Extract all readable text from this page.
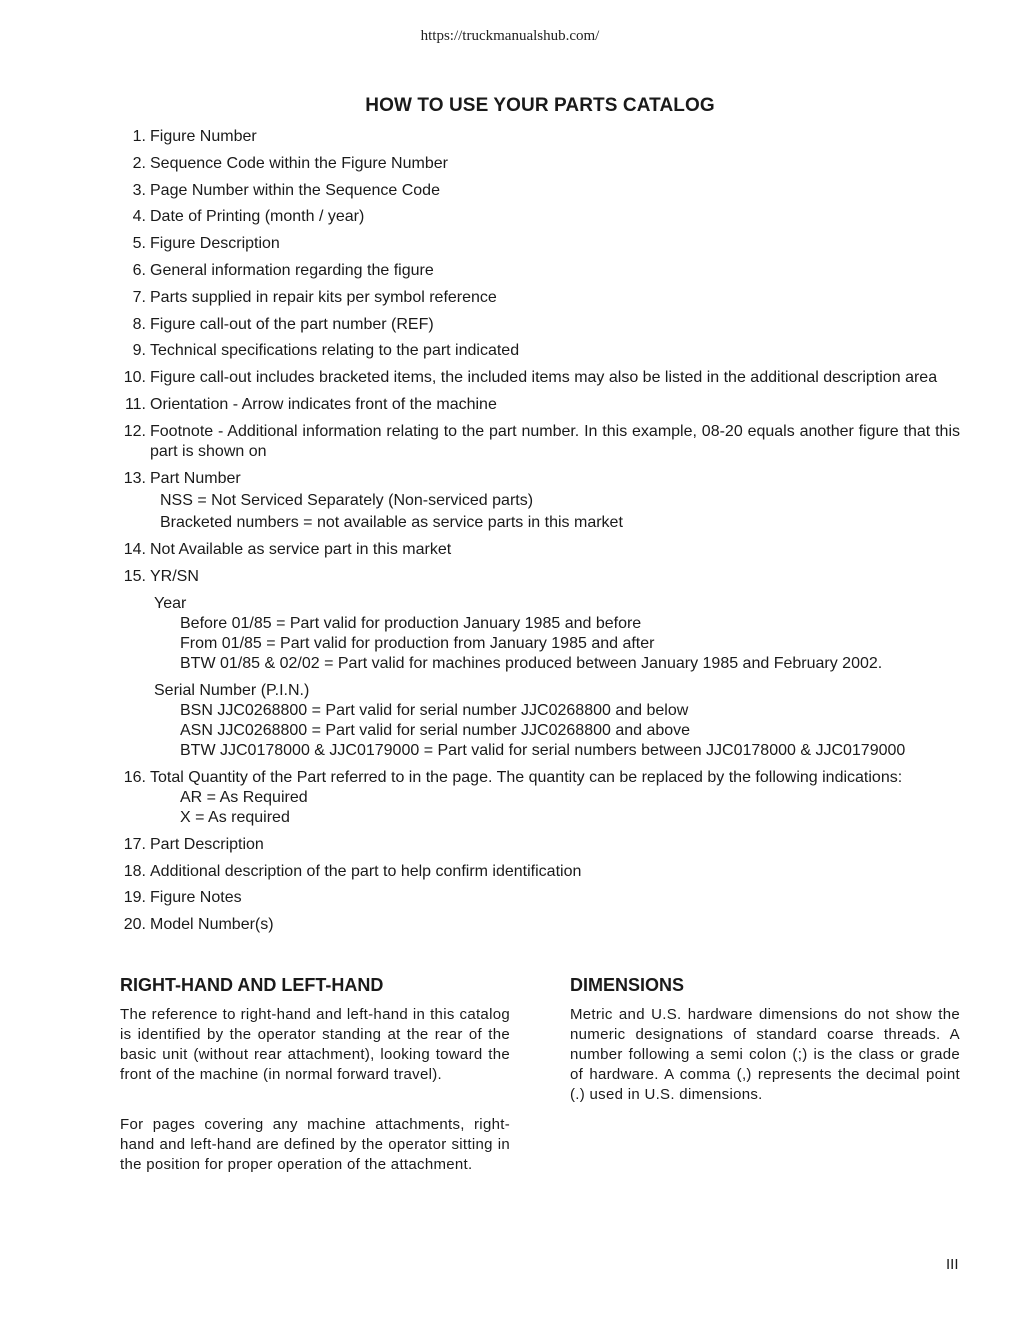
https://truckmanualshub.com/
HOW TO USE YOUR PARTS CATALOG
1. Figure Number
2. Sequence Code within the Figure Number
3. Page Number within the Sequence Code
4. Date of Printing (month / year)
5. Figure Description
6. General information regarding the figure
7. Parts supplied in repair kits per symbol reference
8. Figure call-out of the part number (REF)
9. Technical specifications relating to the part indicated
10. Figure call-out includes bracketed items, the included items may also be listed in the additional description area
11. Orientation - Arrow indicates front of the machine
12. Footnote - Additional information relating to the part number. In this example, 08-20 equals another figure that this part is shown on
13. Part Number
NSS = Not Serviced Separately (Non-serviced parts)
Bracketed numbers = not available as service parts in this market
14. Not Available as service part in this market
15. YR/SN
Year
Before 01/85 = Part valid for production January 1985 and before
From 01/85 = Part valid for production from January 1985 and after
BTW 01/85 & 02/02 = Part valid for machines produced between January 1985 and February 2002.
Serial Number (P.I.N.)
BSN JJC0268800 = Part valid for serial number JJC0268800 and below
ASN JJC0268800 = Part valid for serial number JJC0268800 and above
BTW JJC0178000 & JJC0179000 = Part valid for serial numbers between JJC0178000 & JJC0179000
16. Total Quantity of the Part referred to in the page. The quantity can be replaced by the following indications:
AR = As Required
X = As required
17. Part Description
18. Additional description of the part to help confirm identification
19. Figure Notes
20. Model Number(s)
RIGHT-HAND AND LEFT-HAND

The reference to right-hand and left-hand in this catalog is identified by the operator standing at the rear of the basic unit (without rear attachment), looking toward the front of the machine (in normal forward travel).

For pages covering any machine attachments, right-hand and left-hand are defined by the operator sitting in the position for proper operation of the attachment.

DIMENSIONS

Metric and U.S. hardware dimensions do not show the numeric designations of standard coarse threads. A number following a semi colon (;) is the class or grade of hardware. A comma (,) represents the decimal point (.) used in U.S. dimensions.

III
